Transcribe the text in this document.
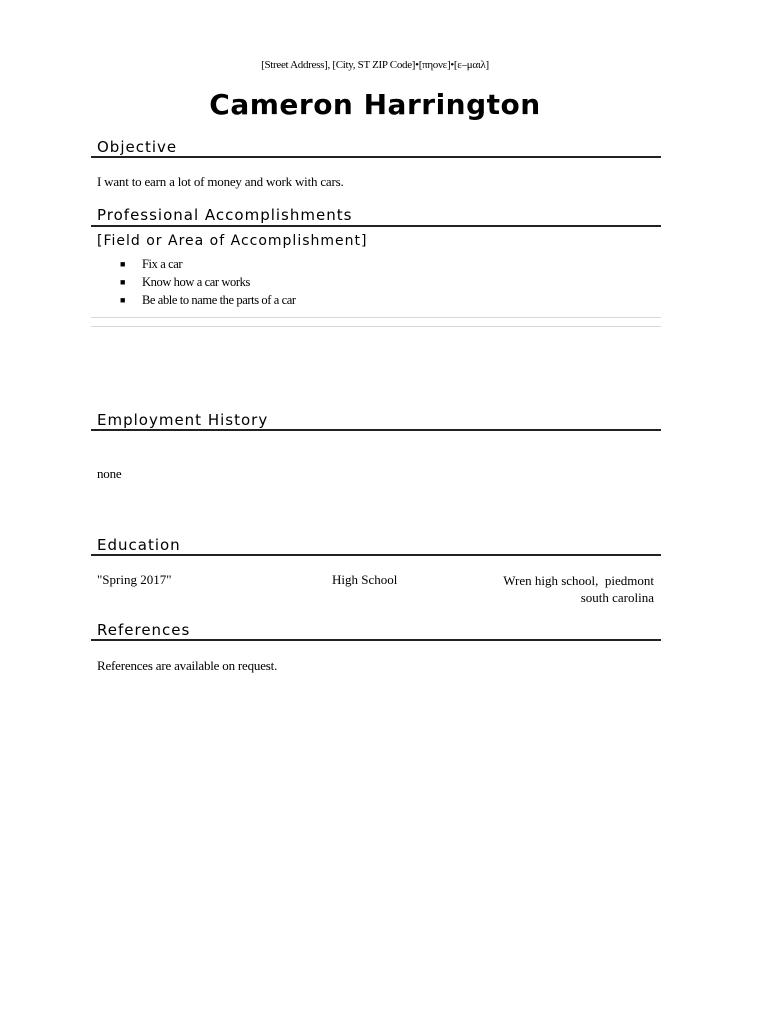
[Street Address], [City, ST ZIP Code]•[πηονε]•[ε–μαιλ]
Cameron Harrington
Objective
I want to earn a lot of money and work with cars.
Professional Accomplishments
[Field or Area of Accomplishment]
■ Fix a car
■ Know how a car works
■ Be able to name the parts of a car
Employment History
none
Education
"Spring 2017"	High School	Wren high school,  piedmont
south carolina
References
References are available on request.
